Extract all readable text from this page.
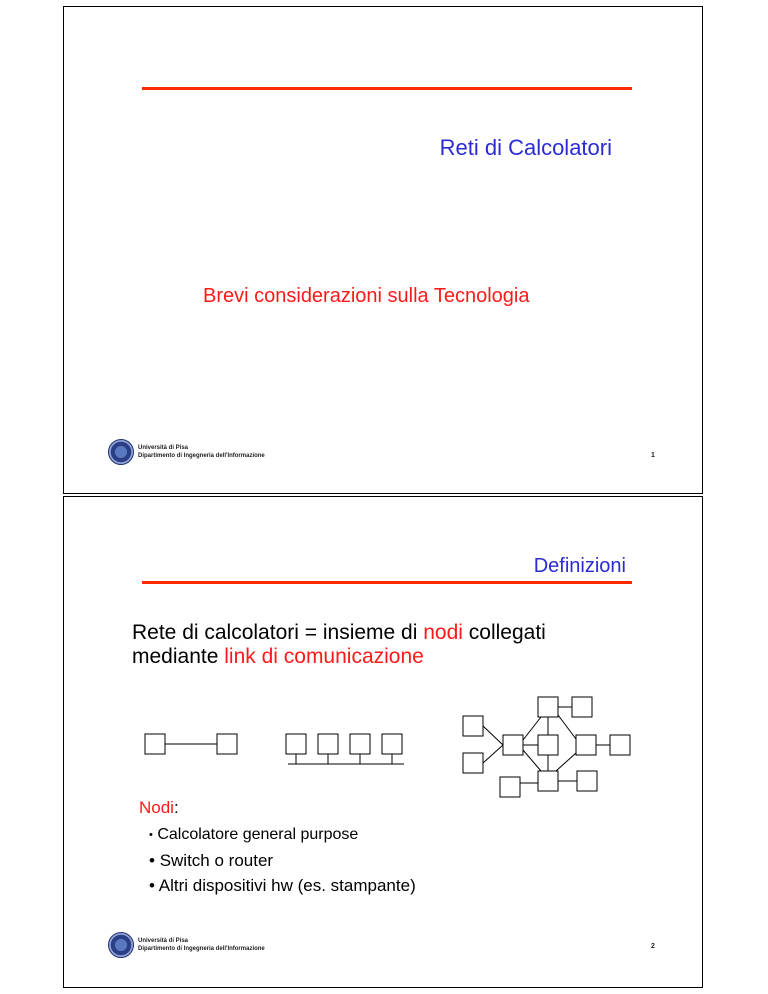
Reti di Calcolatori
Brevi considerazioni sulla Tecnologia
Università di Pisa
Dipartimento di Ingegneria dell'Informazione	1
Definizioni
Rete di calcolatori = insieme di nodi collegati
mediante link di comunicazione
Nodi:
• Calcolatore general purpose
• Switch o router
• Altri dispositivi hw (es. stampante)
Università di Pisa
Dipartimento di Ingegneria dell'Informazione	2
